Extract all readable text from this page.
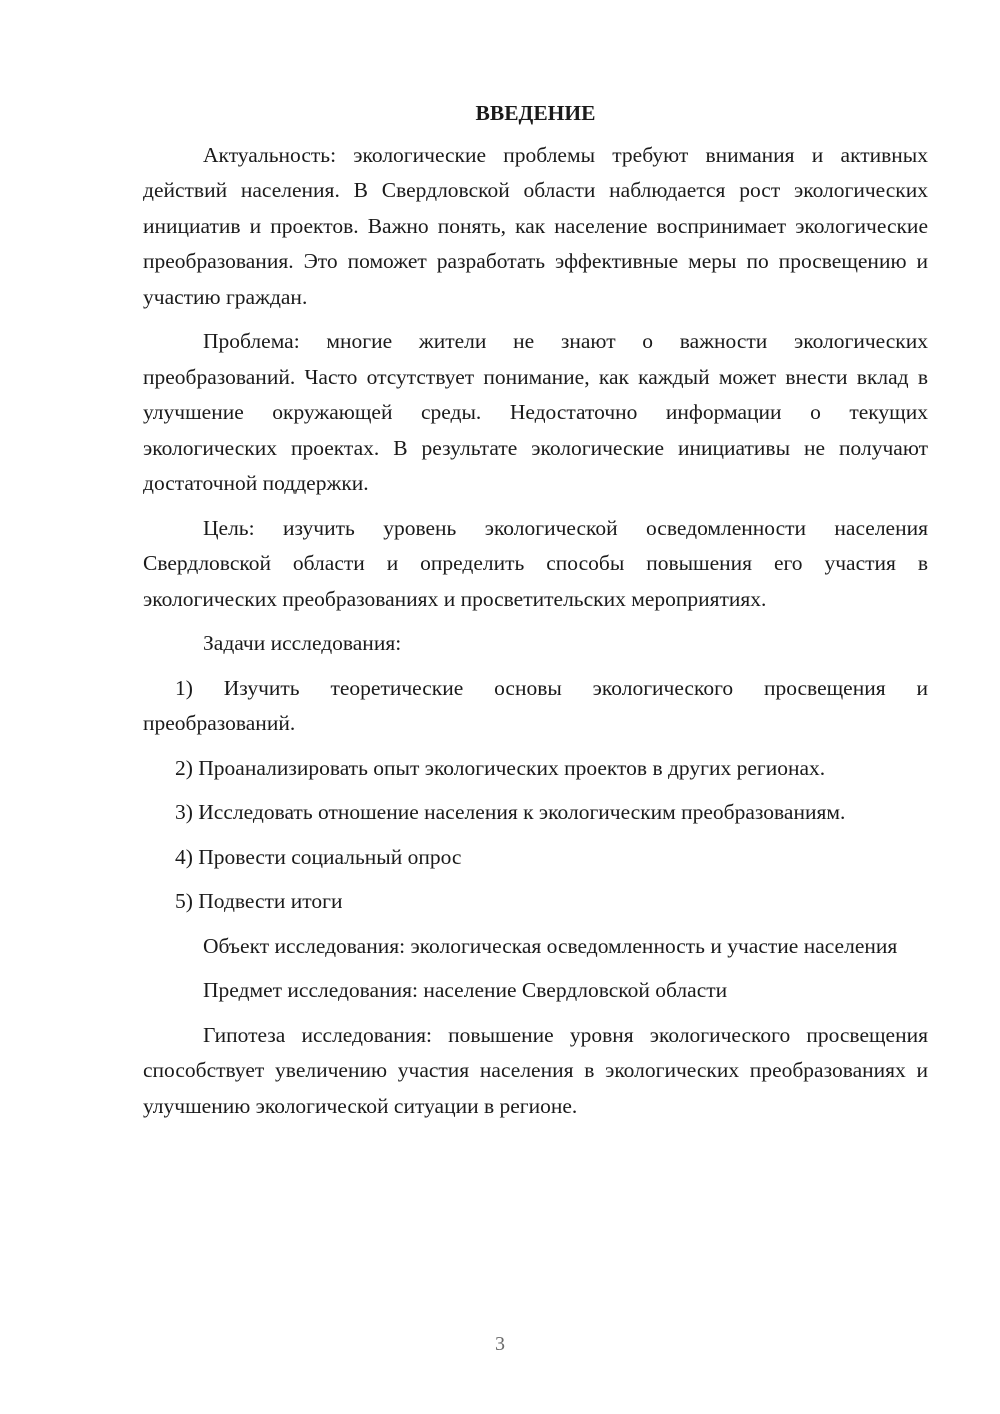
ВВЕДЕНИЕ

Актуальность: экологические проблемы требуют внимания и активных действий населения. В Свердловской области наблюдается рост экологических инициатив и проектов. Важно понять, как население воспринимает экологические преобразования. Это поможет разработать эффективные меры по просвещению и участию граждан.

Проблема: многие жители не знают о важности экологических преобразований. Часто отсутствует понимание, как каждый может внести вклад в улучшение окружающей среды. Недостаточно информации о текущих экологических проектах. В результате экологические инициативы не получают достаточной поддержки.

Цель: изучить уровень экологической осведомленности населения Свердловской области и определить способы повышения его участия в экологических преобразованиях и просветительских мероприятиях.

Задачи исследования:

1) Изучить теоретические основы экологического просвещения и преобразований.

2) Проанализировать опыт экологических проектов в других регионах.

3) Исследовать отношение населения к экологическим преобразованиям.

4) Провести социальный опрос

5) Подвести итоги

Объект исследования: экологическая осведомленность и участие населения

Предмет исследования: население Свердловской области

Гипотеза исследования: повышение уровня экологического просвещения способствует увеличению участия населения в экологических преобразованиях и улучшению экологической ситуации в регионе.

3
